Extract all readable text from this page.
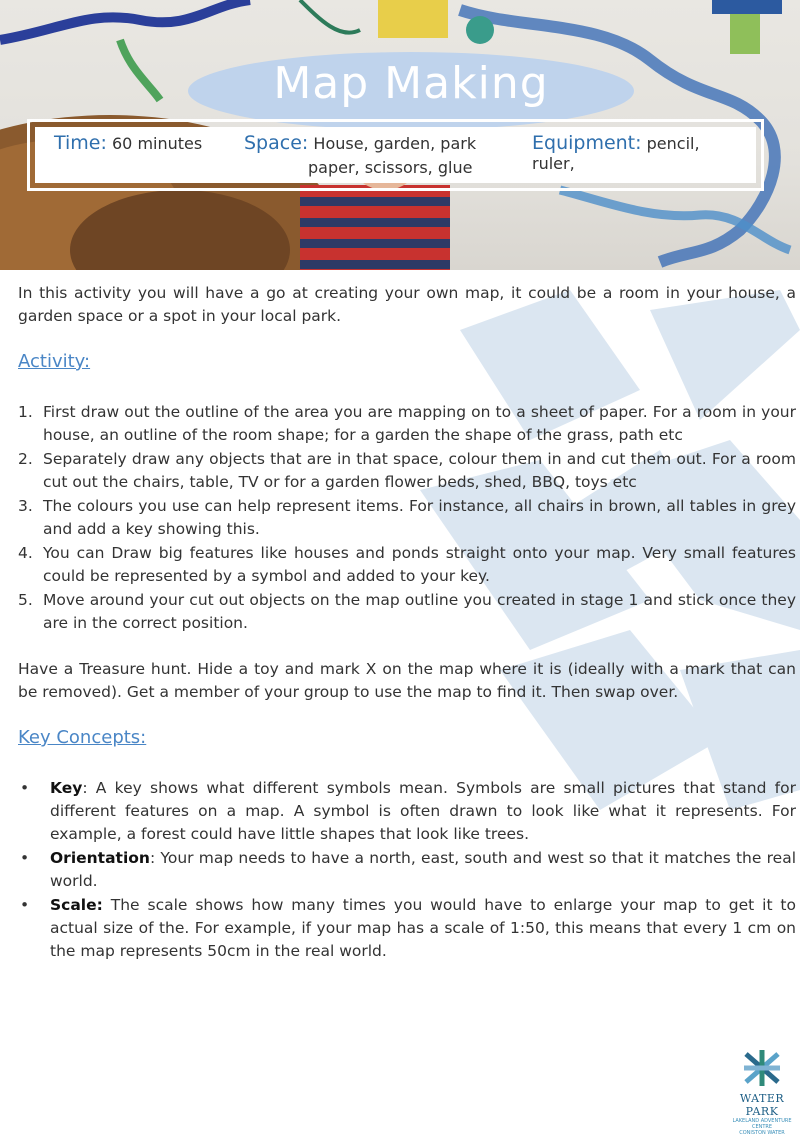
Map Making
Time: 60 minutes Space: House, garden, park
paper, scissors, glue
Equipment: pencil, ruler,

In this activity you will have a go at creating your own map, it could be a room in your house, a garden space or a spot in your local park.

Activity:
1. First draw out the outline of the area you are mapping on to a sheet of paper. For a room in your house, an outline of the room shape; for a garden the shape of the grass, path etc
2. Separately draw any objects that are in that space, colour them in and cut them out. For a room cut out the chairs, table, TV or for a garden flower beds, shed, BBQ, toys etc
3. The colours you use can help represent items. For instance, all chairs in brown, all tables in grey and add a key showing this.
4. You can Draw big features like houses and ponds straight onto your map. Very small features could be represented by a symbol and added to your key.
5. Move around your cut out objects on the map outline you created in stage 1 and stick once they are in the correct position.

Have a Treasure hunt. Hide a toy and mark X on the map where it is (ideally with a mark that can be removed). Get a member of your group to use the map to find it. Then swap over.

Key Concepts:
• Key: A key shows what different symbols mean. Symbols are small pictures that stand for different features on a map. A symbol is often drawn to look like what it represents. For example, a forest could have little shapes that look like trees.
• Orientation: Your map needs to have a north, east, south and west so that it matches the real world.
• Scale: The scale shows how many times you would have to enlarge your map to get it to actual size of the. For example, if your map has a scale of 1:50, this means that every 1 cm on the map represents 50cm in the real world.
WATER PARK
LAKELAND ADVENTURE CENTRE
CONISTON WATER
